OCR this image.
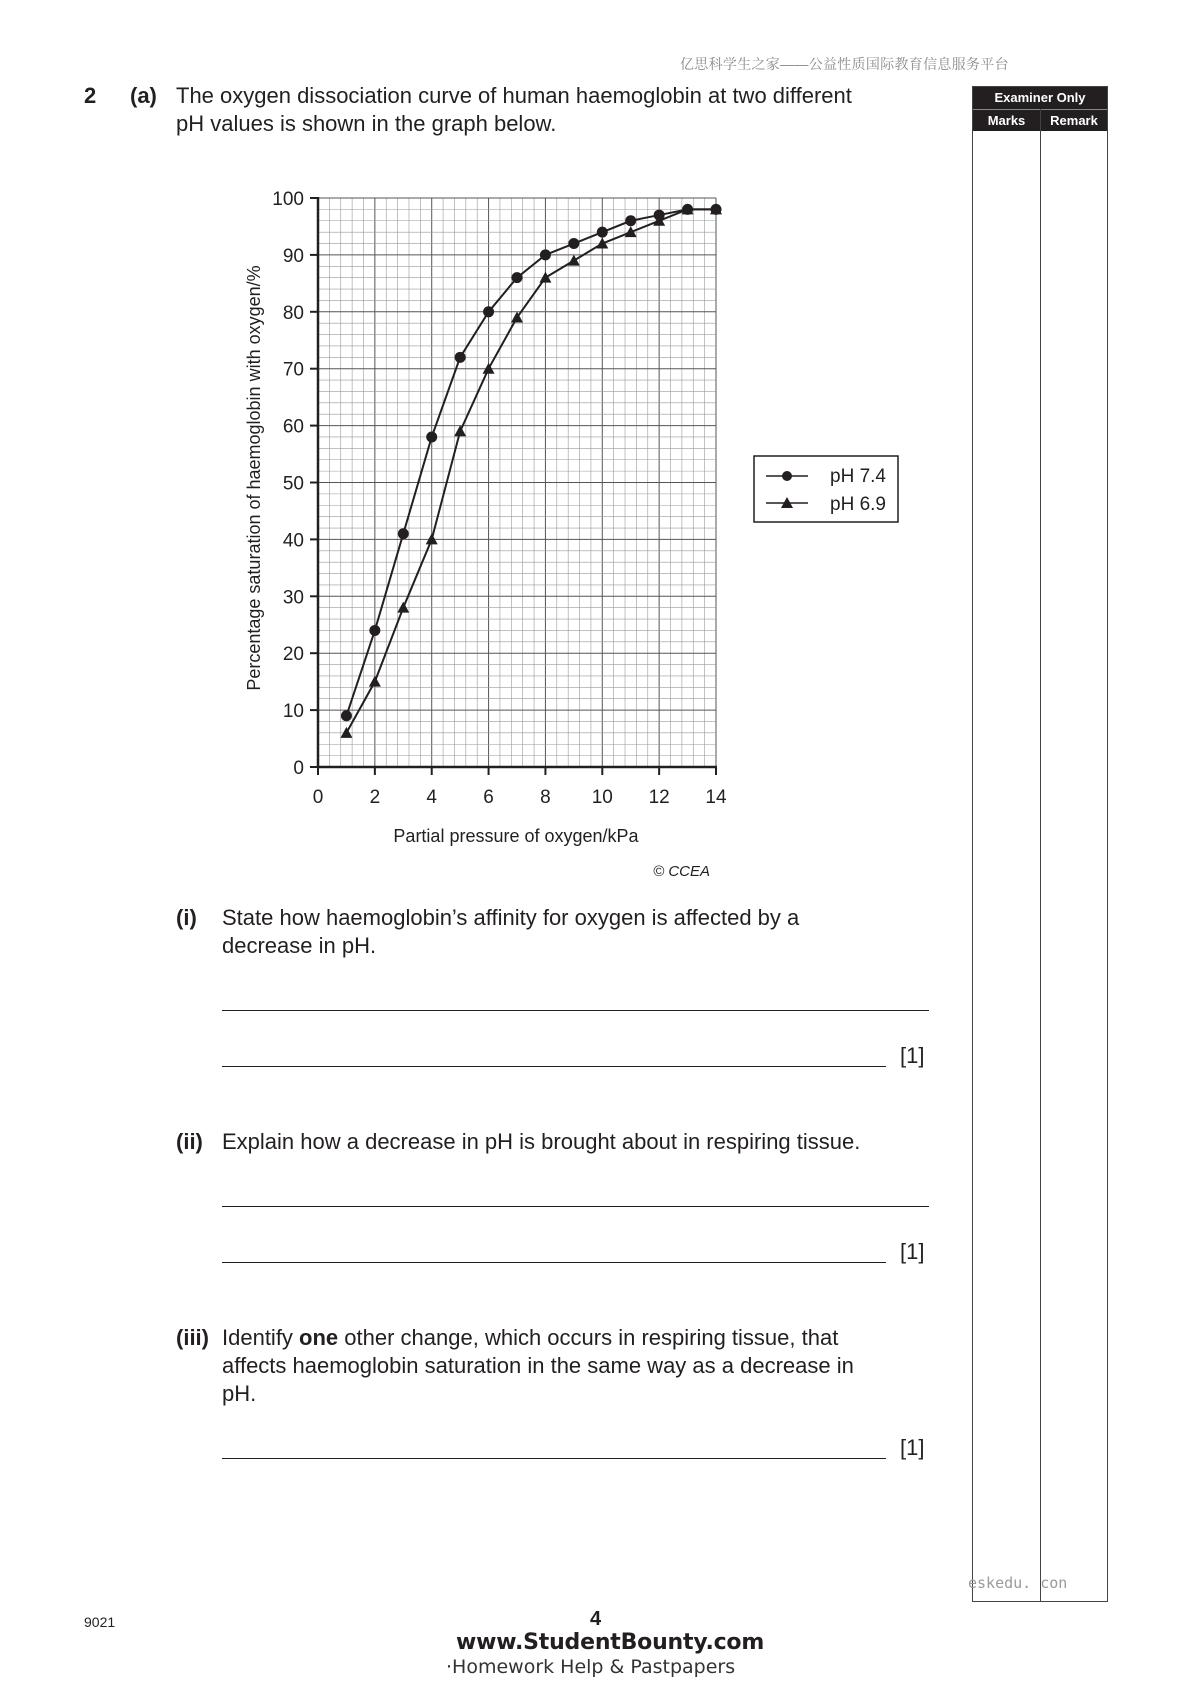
亿思科学生之家——公益性质国际教育信息服务平台
Examiner Only
Marks	Remark
2 (a) The oxygen dissociation curve of human haemoglobin at two different
pH values is shown in the graph below.
0
10
20
30
40
50
60
70
80
90
100
0 2 4 6 8 10 12 14
Percentage saturation of haemoglobin with oxygen/%
Partial pressure of oxygen/kPa
© CCEA
pH 7.4
pH 6.9
(i) State how haemoglobin’s affinity for oxygen is affected by a
decrease in pH.
[1]
(ii) Explain how a decrease in pH is brought about in respiring tissue.
[1]
(iii) Identify one other change, which occurs in respiring tissue, that
affects haemoglobin saturation in the same way as a decrease in
pH.
[1]
eskedu. con
9021	4
www.StudentBounty.com
·Homework Help & Pastpapers
